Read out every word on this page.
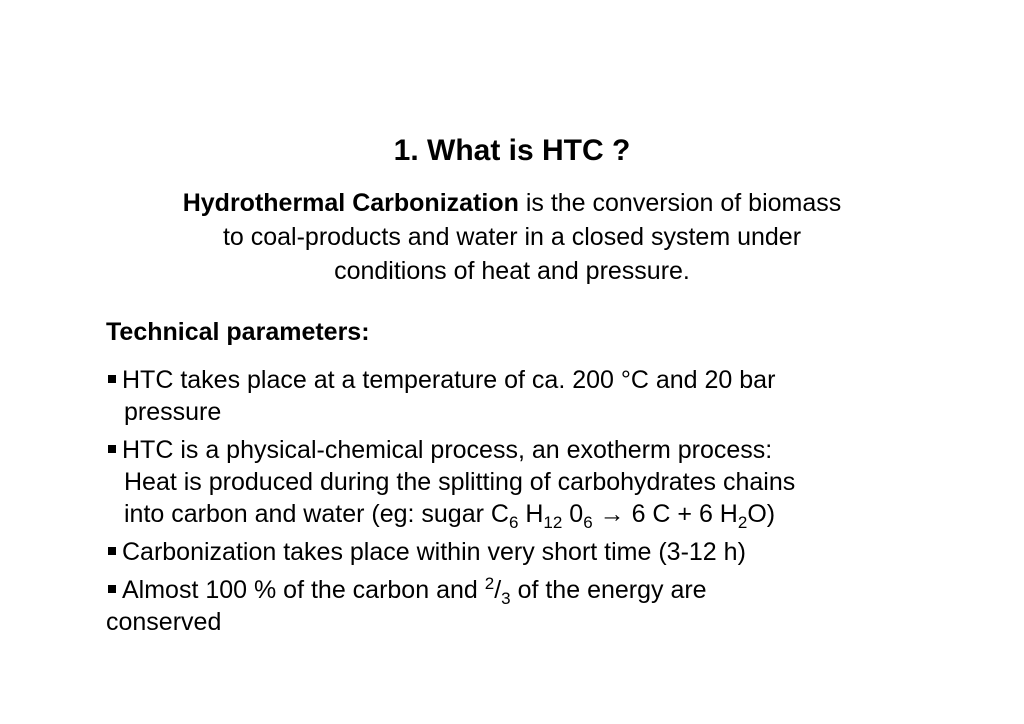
1. What is HTC ?
Hydrothermal Carbonization is the conversion of biomass
to coal-products and water in a closed system under
conditions of heat and pressure.
Technical parameters:
HTC takes place at a temperature of ca. 200 °C and 20 bar
pressure
HTC is a physical-chemical process, an exotherm process:
Heat is produced during the splitting of carbohydrates chains
into carbon and water (eg: sugar $C_6$ $H_{12}$ $0_6 \to 6$ C + 6 $H_2O$)
Carbonization takes place within very short time (3-12 h)
Almost 100 % of the carbon and $^2/_3$ of the energy are
conserved
